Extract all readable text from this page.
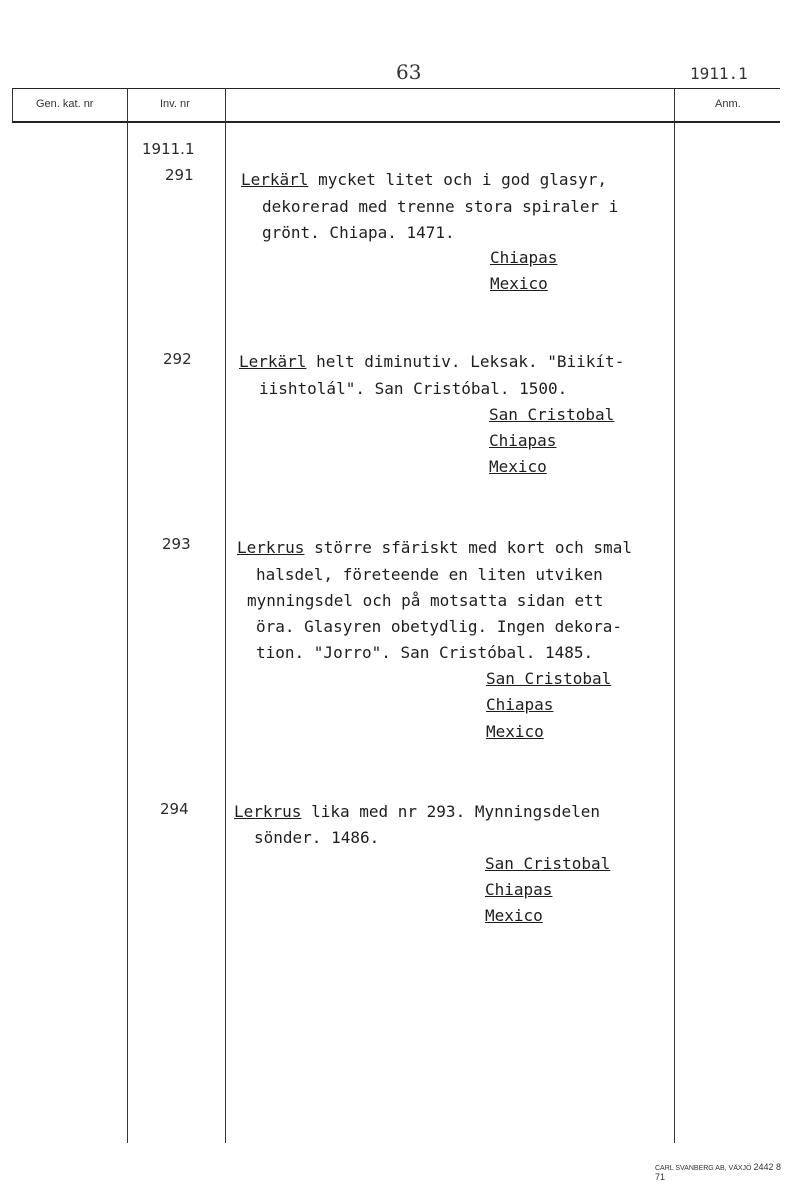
63	1911.1
Gen. kat. nr	Inv. nr	Anm.
1911.1
291	Lerkärl mycket litet och i god glasyr,
dekorerad med trenne stora spiraler i
grönt. Chiapa. 1471.
Chiapas
Mexico
292	Lerkärl helt diminutiv. Leksak. "Biikít-
iishtolál". San Cristóbal. 1500.
San Cristobal
Chiapas
Mexico
293	Lerkrus större sfäriskt med kort och smal
halsdel, företeende en liten utviken
mynningsdel och på motsatta sidan ett
öra. Glasyren obetydlig. Ingen dekora-
tion. "Jorro". San Cristóbal. 1485.
San Cristobal
Chiapas
Mexico
294	Lerkrus lika med nr 293. Mynningsdelen
sönder. 1486.
San Cristobal
Chiapas
Mexico
CARL SVANBERG AB, VÄXJÖ 2442 8 71
